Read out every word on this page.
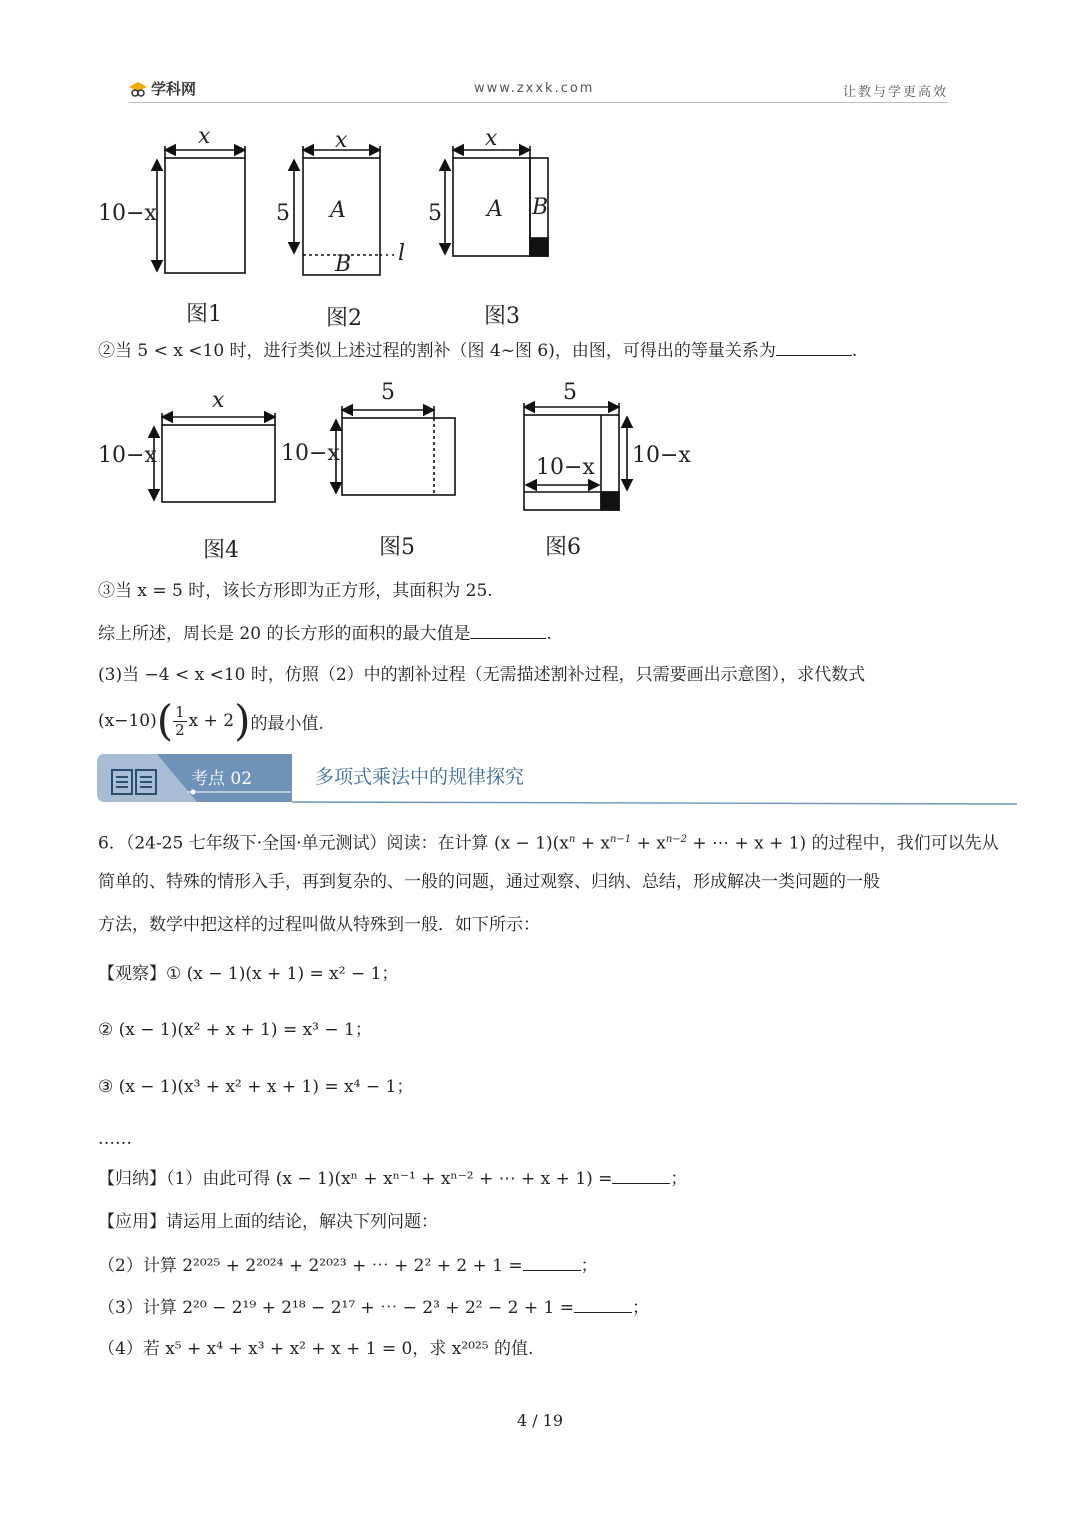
学科网	www.zxxk.com	让教与学更高效
x
10−x
x
5 A
B l
x
5 A B
图1	图2	图3
②当 5 < x <10 时，进行类似上述过程的割补（图 4~图 6)，由图，可得出的等量关系为	.
x
10−x
5
10−x
5
10−x
10−x
图4	图5	图6
③当 x = 5 时，该长方形即为正方形，其面积为 25.
综上所述，周长是 20 的长方形的面积的最大值是	.
(3)当 −4 < x <10 时，仿照（2）中的割补过程（无需描述割补过程，只需要画出示意图），求代数式
(x−10) ( $\frac{1}{2}$ x + 2 ) 的最小值.
考点 02	多项式乘法中的规律探究
6．（24-25 七年级下·全国·单元测试）阅读：在计算 $(x - 1)(x^n + x^{n-1} + x^{n-2}$ + ⋯ + x + 1) 的过程中，我们可以先从
简单的、特殊的情形入手，再到复杂的、一般的问题，通过观察、归纳、总结，形成解决一类问题的一般
方法，数学中把这样的过程叫做从特殊到一般．如下所示：
【观察】① (x − 1)(x + 1) = x² − 1；
② (x − 1)(x² + x + 1) = x³ − 1；
③ (x − 1)(x³ + x² + x + 1) = x⁴ − 1；
……
【归纳】（1）由此可得 (x − 1)(xⁿ + xⁿ⁻¹ + xⁿ⁻² + ⋯ + x + 1) =	；
【应用】请运用上面的结论，解决下列问题：
（2）计算 2²⁰²⁵ + 2²⁰²⁴ + 2²⁰²³ + ⋯ + 2² + 2 + 1 =	；
（3）计算 2²⁰ − 2¹⁹ + 2¹⁸ − 2¹⁷ + ⋯ − 2³ + 2² − 2 + 1 =	；
（4）若 x⁵ + x⁴ + x³ + x² + x + 1 = 0，求 x²⁰²⁵ 的值.
4 / 19
